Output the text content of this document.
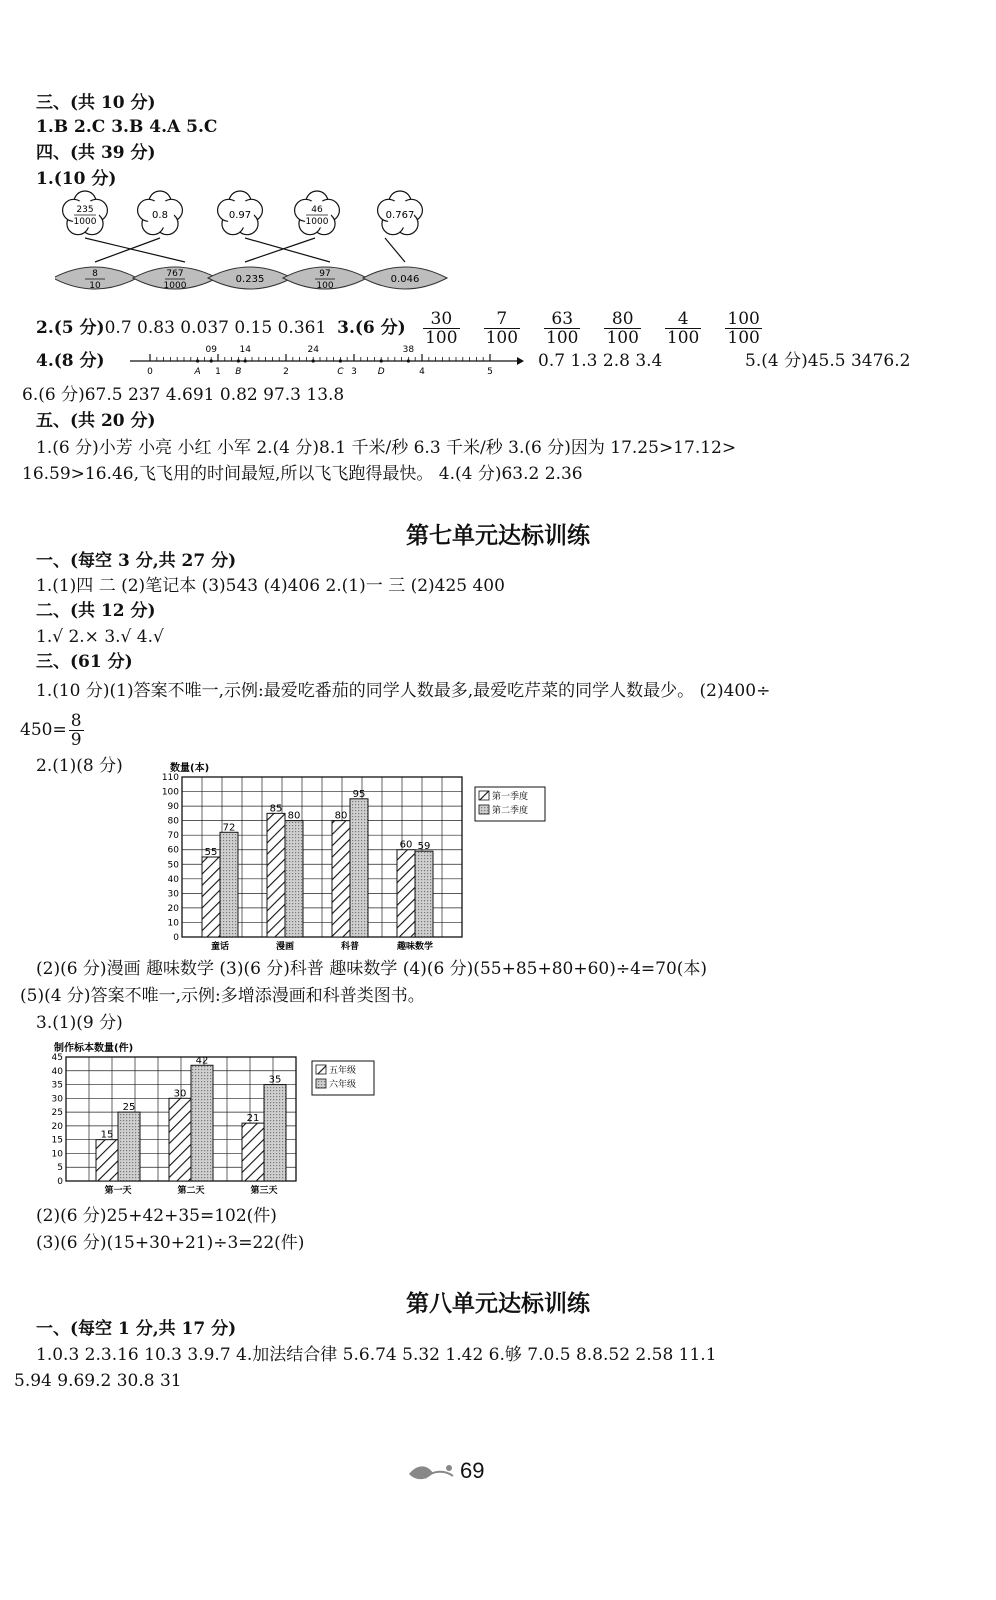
三、(共 10 分)
1.B 2.C 3.B 4.A 5.C
四、(共 39 分)
1.(10 分)
235
1000
0.8	0.97	46
1000
0.767
8
10
767
1000
0.235	97
100
0.046
2.(5 分)0.7 0.83 0.037 0.15 0.361 3.(6 分) $\frac{30}{100} \frac{7}{100} \frac{63}{100} \frac{80}{100} \frac{4}{100} \frac{100}{100}$
4.(8 分)
0	1	2	3	4	5
09	14	24	38
A	B	C	D
0.7 1.3 2.8 3.4	5.(4 分)45.5 3476.2
6.(6 分)67.5 237 4.691 0.82 97.3 13.8
五、(共 20 分)
1.(6 分)小芳 小亮 小红 小军 2.(4 分)8.1 千米/秒 6.3 千米/秒 3.(6 分)因为 17.25>17.12>
16.59>16.46,飞飞用的时间最短,所以飞飞跑得最快。 4.(4 分)63.2 2.36
第七单元达标训练
一、(每空 3 分,共 27 分)
1.(1)四 二 (2)笔记本 (3)543 (4)406 2.(1)一 三 (2)425 400
二、(共 12 分)
1.√ 2.× 3.√ 4.√
三、(61 分)
1.(10 分)(1)答案不唯一,示例:最爱吃番茄的同学人数最多,最爱吃芹菜的同学人数最少。 (2)400÷
$450= \frac{8}{9}$
2.(1)(8 分)
0
10
20
30
40
50
60
70
80
90
100
110
数量(本)
55
72
童话
85
80
漫画
80
95
科普
60 59
趣味数学
第一季度
第二季度
(2)(6 分)漫画 趣味数学 (3)(6 分)科普 趣味数学 (4)(6 分)(55+85+80+60)÷4=70(本)
(5)(4 分)答案不唯一,示例:多增添漫画和科普类图书。
3.(1)(9 分)
0
5
10
15
20
25
30
35
40
45
制作标本数量(件)
15
25
第一天
30
42
第二天
21
35
第三天
五年级
六年级
(2)(6 分)25+42+35=102(件)
(3)(6 分)(15+30+21)÷3=22(件)
第八单元达标训练
一、(每空 1 分,共 17 分)
1.0.3 2.3.16 10.3 3.9.7 4.加法结合律 5.6.74 5.32 1.42 6.够 7.0.5 8.8.52 2.58 11.1
5.94 9.69.2 30.8 31
69
